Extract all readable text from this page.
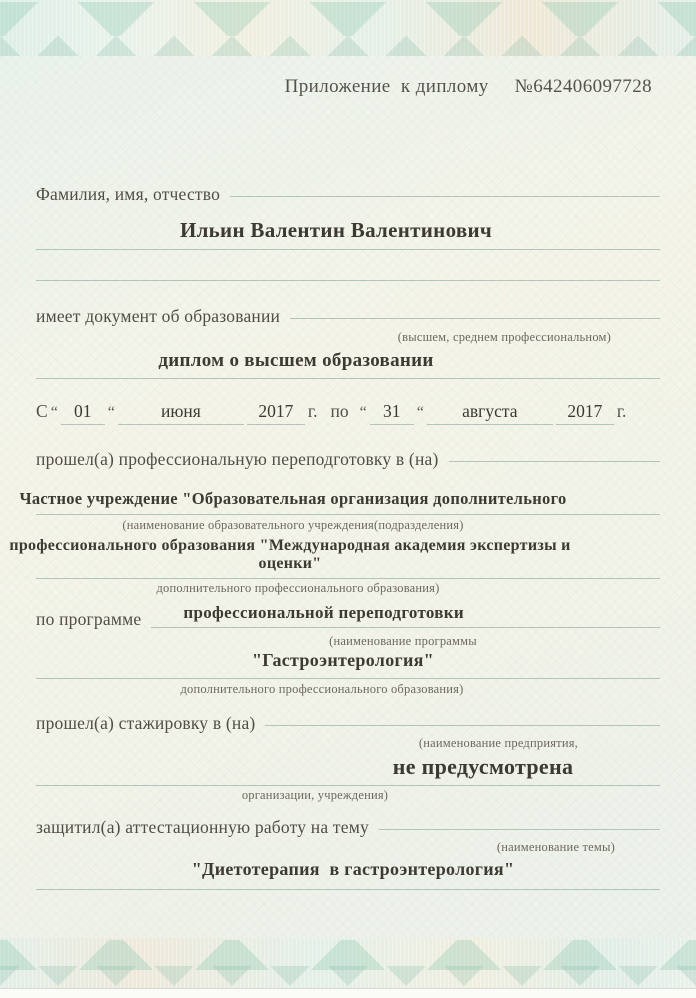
Приложение  к диплому №642406097728
Фамилия, имя, отчество
Ильин Валентин Валентинович
имеет документ об образовании
(высшем, среднем профессиональном)
диплом о высшем образовании
С “ 01	“	июня	2017 г. по “ 31	“	августа	2017 г.
прошел(а) профессиональную переподготовку в (на)
Частное учреждение "Образовательная организация дополнительного
(наименование образовательного учреждения(подразделения)
профессионального образования "Международная академия экспертизы и оценки"
дополнительного профессионального образования)
по программе профессиональной переподготовки
(наименование программы
"Гастроэнтерология"
дополнительного профессионального образования)
прошел(а) стажировку в (на)
(наименование предприятия,
не предусмотрена
организации, учреждения)
защитил(а) аттестационную работу на тему
(наименование темы)
"Диетотерапия  в гастроэнтерология"
